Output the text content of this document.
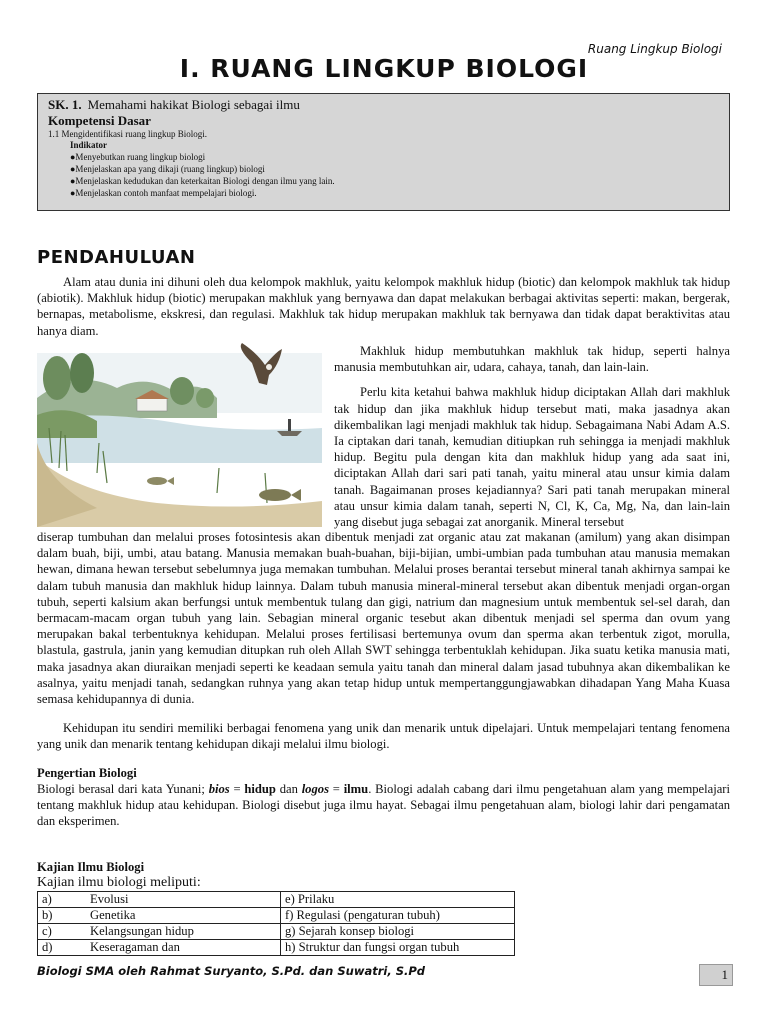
Ruang Lingkup Biologi
I. RUANG LINGKUP BIOLOGI
SK. 1. Memahami hakikat Biologi sebagai ilmu
Kompetensi Dasar
1.1 Mengidentifikasi ruang lingkup Biologi.
Indikator
●Menyebutkan ruang lingkup biologi
●Menjelaskan apa yang dikaji (ruang lingkup) biologi
●Menjelaskan kedudukan dan keterkaitan Biologi dengan ilmu yang lain.
●Menjelaskan contoh manfaat mempelajari biologi.
PENDAHULUAN

Alam atau dunia ini dihuni oleh dua kelompok makhluk, yaitu kelompok makhluk hidup (biotic) dan kelompok makhluk tak hidup (abiotik). Makhluk hidup (biotic) merupakan makhluk yang bernyawa dan dapat melakukan berbagai aktivitas seperti: makan, bergerak, bernapas, metabolisme, ekskresi, dan regulasi. Makhluk tak hidup merupakan makhluk tak bernyawa dan tidak dapat beraktivitas atau hanya diam.

Makhluk hidup membutuhkan makhluk tak hidup, seperti halnya manusia membutuhkan air, udara, cahaya, tanah, dan lain-lain.

Perlu kita ketahui bahwa makhluk hidup diciptakan Allah dari makhluk tak hidup dan jika makhluk hidup tersebut mati, maka jasadnya akan dikembalikan lagi menjadi makhluk tak hidup. Sebagaimana Nabi Adam A.S. Ia ciptakan dari tanah, kemudian ditiupkan ruh sehingga ia menjadi makhluk hidup. Begitu pula dengan kita dan makhluk hidup yang ada saat ini, diciptakan Allah dari sari pati tanah, yaitu mineral atau unsur kimia dalam tanah. Bagaimanan proses kejadiannya? Sari pati tanah merupakan mineral atau unsur kimia dalam tanah, seperti N, Cl, K, Ca, Mg, Na, dan lain-lain yang disebut juga sebagai zat anorganik. Mineral tersebut

diserap tumbuhan dan melalui proses fotosintesis akan dibentuk menjadi zat organic atau zat makanan (amilum) yang akan disimpan dalam buah, biji, umbi, atau batang. Manusia memakan buah-buahan, biji-bijian, umbi-umbian pada tumbuhan atau manusia memakan hewan, dimana hewan tersebut sebelumnya juga memakan tumbuhan. Melalui proses berantai tersebut mineral tanah akhirnya sampai ke dalam tubuh manusia dan makhluk hidup lainnya. Dalam tubuh manusia mineral-mineral tersebut akan dibentuk menjadi organ-organ tubuh, seperti kalsium akan berfungsi untuk membentuk tulang dan gigi, natrium dan magnesium untuk membentuk sel-sel darah, dan bermacam-macam organ tubuh yang lain. Sebagian mineral organic tesebut akan dibentuk menjadi sel sperma dan ovum yang merupakan bakal terbentuknya kehidupan. Melalui proses fertilisasi bertemunya ovum dan sperma akan terbentuk zigot, morulla, blastula, gastrula, janin yang kemudian ditupkan ruh oleh Allah SWT sehingga terbentuklah kehidupan. Jika suatu ketika manusia mati, maka jasadnya akan diuraikan menjadi seperti ke keadaan semula yaitu tanah dan mineral dalam jasad tubuhnya akan dikembalikan ke asalnya, yaitu menjadi tanah, sedangkan ruhnya yang akan tetap hidup untuk mempertanggungjawabkan dihadapan Yang Maha Kuasa semasa kehidupannya di dunia.

Kehidupan itu sendiri memiliki berbagai fenomena yang unik dan menarik untuk dipelajari. Untuk mempelajari tentang fenomena yang unik dan menarik tentang kehidupan dikaji melalui ilmu biologi.

Pengertian Biologi

Biologi berasal dari kata Yunani; bios = hidup dan logos = ilmu. Biologi adalah cabang dari ilmu pengetahuan alam yang mempelajari tentang makhluk hidup atau kehidupan. Biologi disebut juga ilmu hayat. Sebagai ilmu pengetahuan alam, biologi lahir dari pengamatan dan eksperimen.

Kajian Ilmu Biologi
Kajian ilmu biologi meliputi:
a)	Evolusi	e) Prilaku
b)	Genetika	f) Regulasi (pengaturan tubuh)
c)	Kelangsungan hidup	g) Sejarah konsep biologi
d)	Keseragaman dan	h) Struktur dan fungsi organ tubuh
Biologi SMA oleh Rahmat Suryanto, S.Pd. dan Suwatri, S.Pd	1
